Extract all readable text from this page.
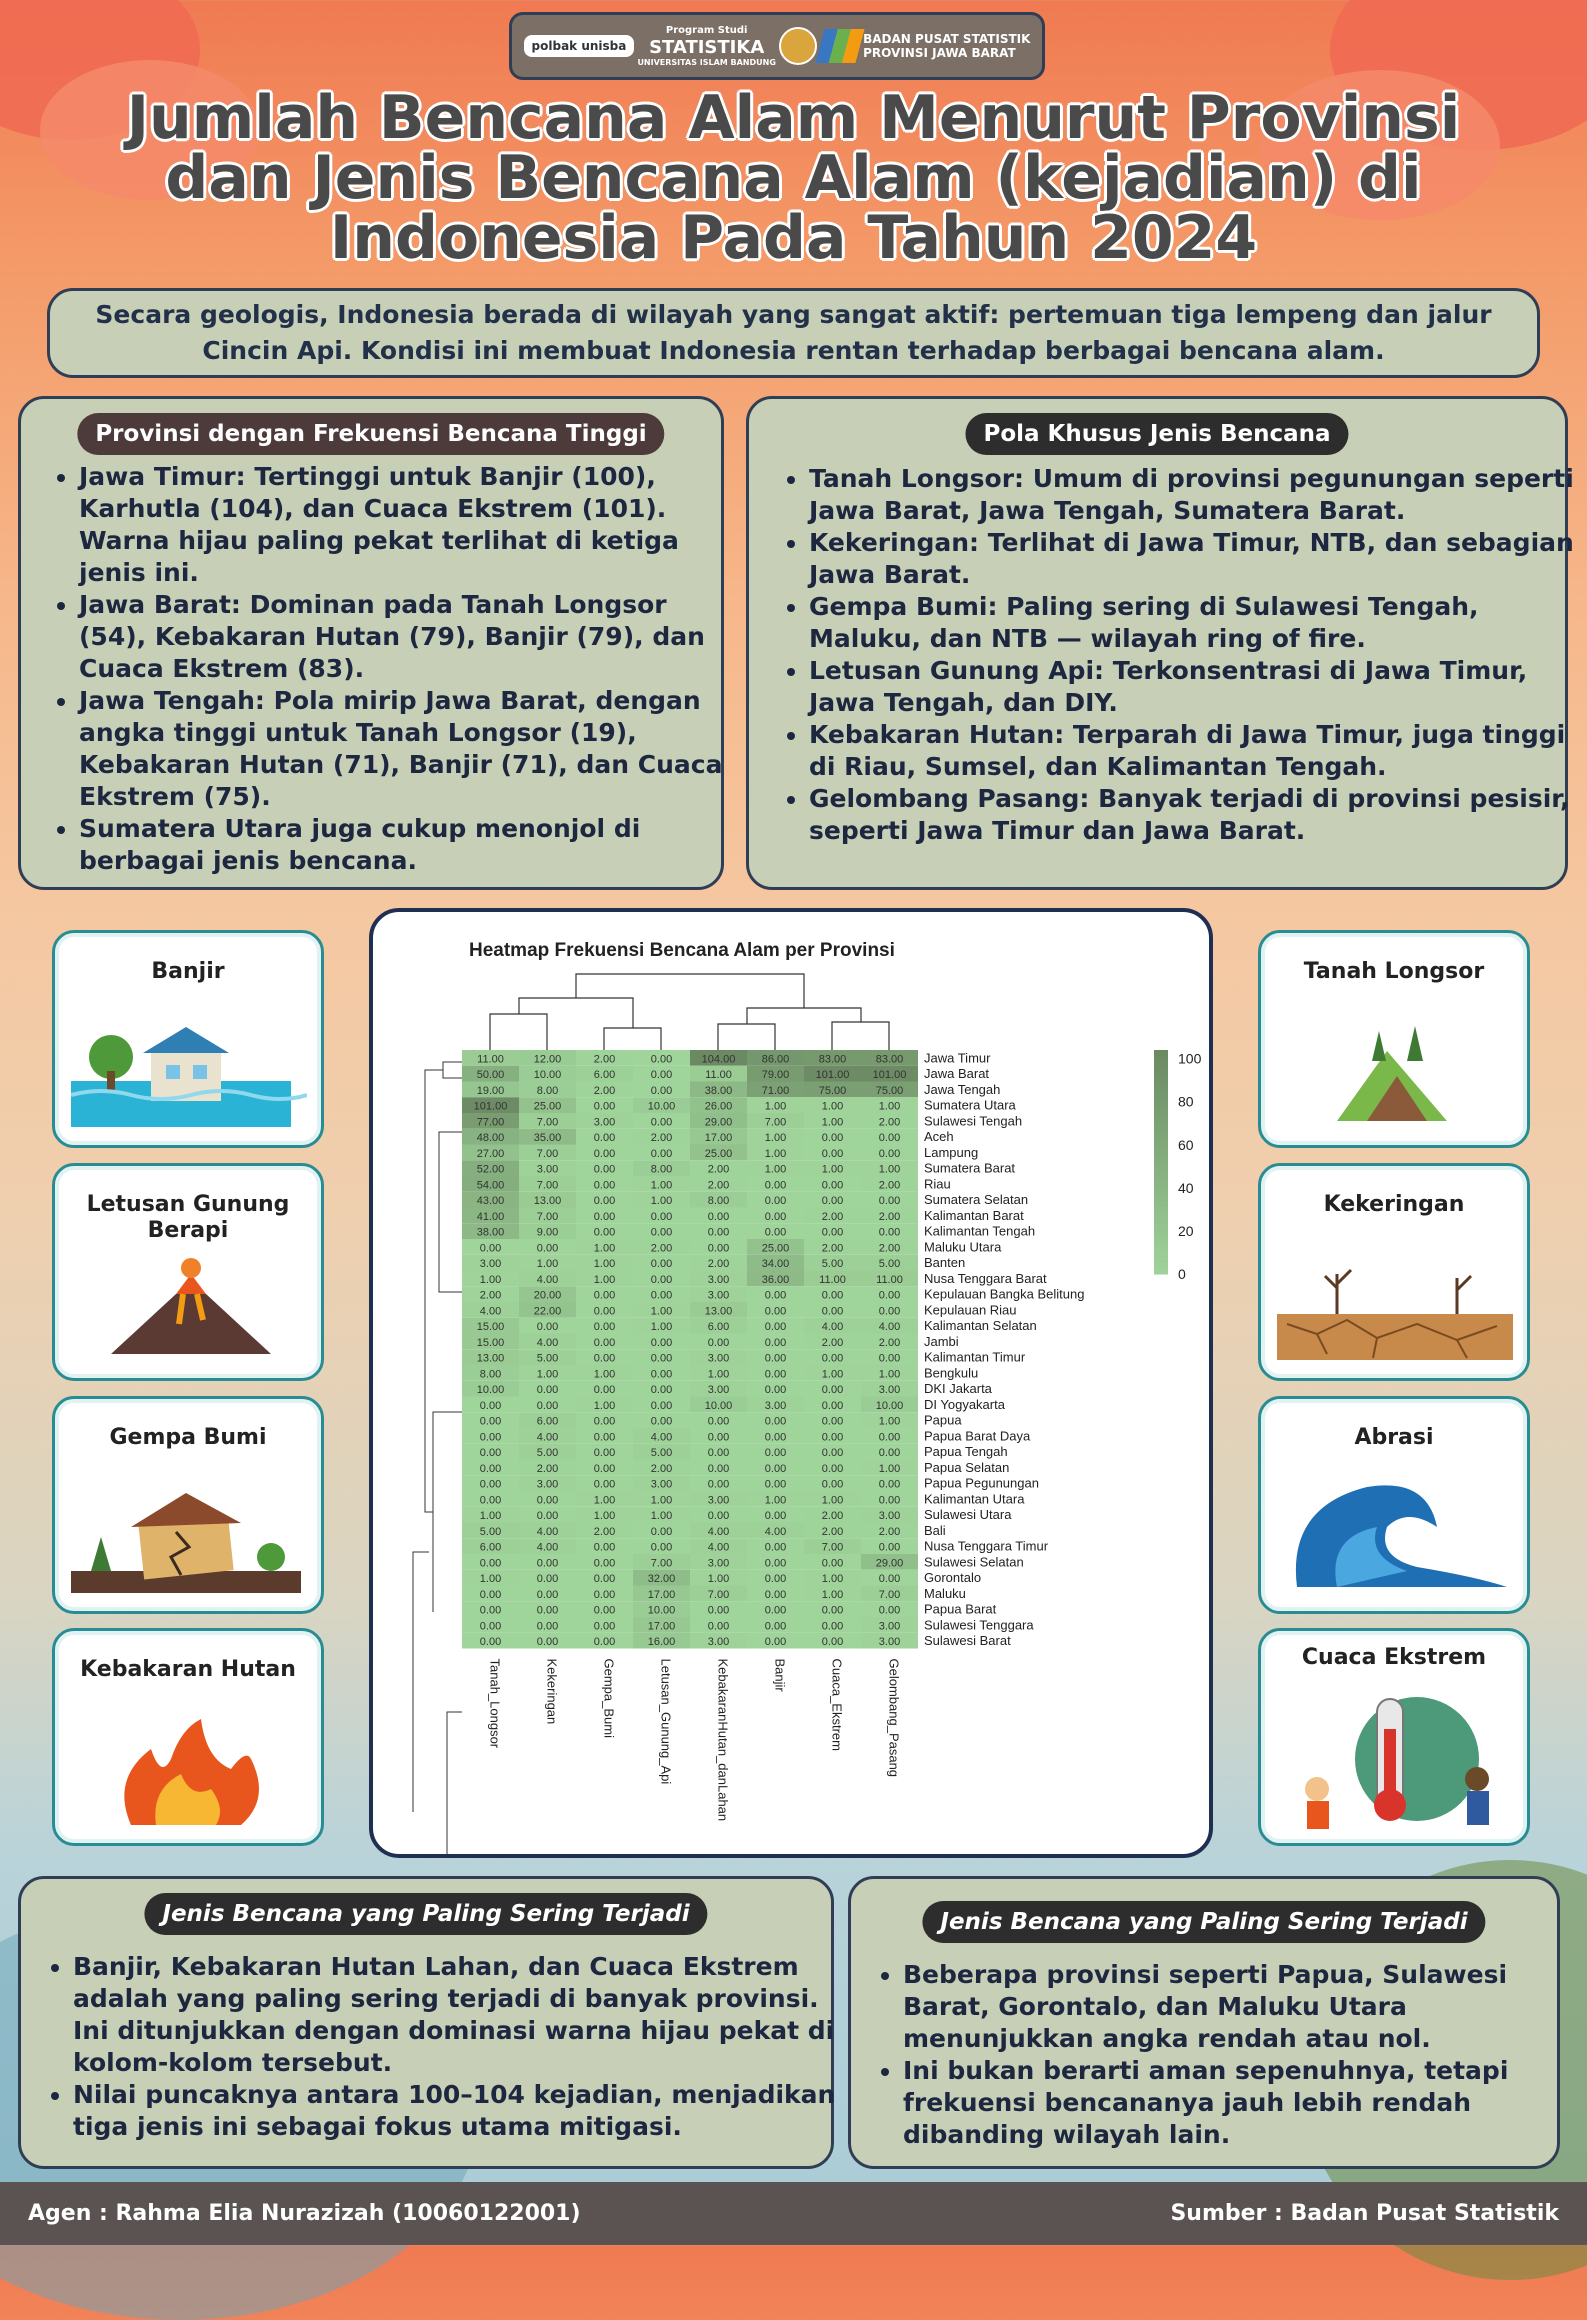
polbak unisba
Program Studi
STATISTIKA
UNIVERSITAS ISLAM BANDUNG
BADAN PUSAT STATISTIK
PROVINSI JAWA BARAT
Jumlah Bencana Alam Menurut Provinsi dan Jenis Bencana Alam (kejadian) di Indonesia Pada Tahun 2024
Secara geologis, Indonesia berada di wilayah yang sangat aktif: pertemuan tiga lempeng dan jalur Cincin Api. Kondisi ini membuat Indonesia rentan terhadap berbagai bencana alam.
Provinsi dengan Frekuensi Bencana Tinggi
• Jawa Timur: Tertinggi untuk Banjir (100), Karhutla (104), dan Cuaca Ekstrem (101). Warna hijau paling pekat terlihat di ketiga jenis ini.
• Jawa Barat: Dominan pada Tanah Longsor (54), Kebakaran Hutan (79), Banjir (79), dan Cuaca Ekstrem (83).
• Jawa Tengah: Pola mirip Jawa Barat, dengan angka tinggi untuk Tanah Longsor (19), Kebakaran Hutan (71), Banjir (71), dan Cuaca Ekstrem (75).
• Sumatera Utara juga cukup menonjol di berbagai jenis bencana.
Pola Khusus Jenis Bencana
• Tanah Longsor: Umum di provinsi pegunungan seperti Jawa Barat, Jawa Tengah, Sumatera Barat.
• Kekeringan: Terlihat di Jawa Timur, NTB, dan sebagian Jawa Barat.
• Gempa Bumi: Paling sering di Sulawesi Tengah, Maluku, dan NTB — wilayah ring of fire.
• Letusan Gunung Api: Terkonsentrasi di Jawa Timur, Jawa Tengah, dan DIY.
• Kebakaran Hutan: Terparah di Jawa Timur, juga tinggi di Riau, Sumsel, dan Kalimantan Tengah.
• Gelombang Pasang: Banyak terjadi di provinsi pesisir, seperti Jawa Timur dan Jawa Barat.
Banjir
Letusan Gunung Berapi
Gempa Bumi
Kebakaran Hutan
Tanah Longsor
Kekeringan
Abrasi
Cuaca Ekstrem
Heatmap Frekuensi Bencana Alam per Provinsi
11.00	12.00	2.00	0.00	104.00 86.00	83.00	83.00 Jawa Timur
50.00	10.00	6.00	0.00	11.00	79.00 101.00 101.00 Jawa Barat
19.00	8.00	2.00	0.00	38.00	71.00	75.00	75.00 Jawa Tengah
101.00 25.00	0.00	10.00	26.00	1.00	1.00	1.00 Sumatera Utara
77.00	7.00	3.00	0.00	29.00	7.00	1.00	2.00 Sulawesi Tengah
48.00	35.00	0.00	2.00	17.00	1.00	0.00	0.00 Aceh
27.00	7.00	0.00	0.00	25.00	1.00	0.00	0.00 Lampung
52.00	3.00	0.00	8.00	2.00	1.00	1.00	1.00 Sumatera Barat
54.00	7.00	0.00	1.00	2.00	0.00	0.00	2.00 Riau
43.00	13.00	0.00	1.00	8.00	0.00	0.00	0.00 Sumatera Selatan
41.00	7.00	0.00	0.00	0.00	0.00	2.00	2.00 Kalimantan Barat
38.00	9.00	0.00	0.00	0.00	0.00	0.00	0.00 Kalimantan Tengah
0.00	0.00	1.00	2.00	0.00	25.00	2.00	2.00 Maluku Utara
3.00	1.00	1.00	0.00	2.00	34.00	5.00	5.00 Banten
1.00	4.00	1.00	0.00	3.00	36.00	11.00	11.00 Nusa Tenggara Barat
2.00	20.00	0.00	0.00	3.00	0.00	0.00	0.00 Kepulauan Bangka Belitung
4.00	22.00	0.00	1.00	13.00	0.00	0.00	0.00 Kepulauan Riau
15.00	0.00	0.00	1.00	6.00	0.00	4.00	4.00 Kalimantan Selatan
15.00	4.00	0.00	0.00	0.00	0.00	2.00	2.00 Jambi
13.00	5.00	0.00	0.00	3.00	0.00	0.00	0.00 Kalimantan Timur
8.00	1.00	1.00	0.00	1.00	0.00	1.00	1.00 Bengkulu
10.00	0.00	0.00	0.00	3.00	0.00	0.00	3.00 DKI Jakarta
0.00	0.00	1.00	0.00	10.00	3.00	0.00	10.00 DI Yogyakarta
0.00	6.00	0.00	0.00	0.00	0.00	0.00	1.00 Papua
0.00	4.00	0.00	4.00	0.00	0.00	0.00	0.00 Papua Barat Daya
0.00	5.00	0.00	5.00	0.00	0.00	0.00	0.00 Papua Tengah
0.00	2.00	0.00	2.00	0.00	0.00	0.00	1.00 Papua Selatan
0.00	3.00	0.00	3.00	0.00	0.00	0.00	0.00 Papua Pegunungan
0.00	0.00	1.00	1.00	3.00	1.00	1.00	0.00 Kalimantan Utara
1.00	0.00	1.00	1.00	0.00	0.00	2.00	3.00 Sulawesi Utara
5.00	4.00	2.00	0.00	4.00	4.00	2.00	2.00 Bali
6.00	4.00	0.00	0.00	4.00	0.00	7.00	0.00 Nusa Tenggara Timur
0.00	0.00	0.00	7.00	3.00	0.00	0.00	29.00 Sulawesi Selatan
1.00	0.00	0.00	32.00	1.00	0.00	1.00	0.00 Gorontalo
0.00	0.00	0.00	17.00	7.00	0.00	1.00	7.00 Maluku
0.00	0.00	0.00	10.00	0.00	0.00	0.00	0.00 Papua Barat
0.00	0.00	0.00	17.00	0.00	0.00	0.00	3.00 Sulawesi Tenggara
0.00	0.00	0.00	16.00	3.00	0.00	0.00	3.00 Sulawesi Barat
Tanah_Longsor	Kekeringan	Gempa_Bumi	Letusan_Gunung_Api	KebakaranHutan_danLahan	Banjir	Cuaca_Ekstrem	Gelombang_Pasang
100
80
60
40
20
0
Jenis Bencana yang Paling Sering Terjadi
• Banjir, Kebakaran Hutan Lahan, dan Cuaca Ekstrem adalah yang paling sering terjadi di banyak provinsi. Ini ditunjukkan dengan dominasi warna hijau pekat di kolom-kolom tersebut.
• Nilai puncaknya antara 100–104 kejadian, menjadikan tiga jenis ini sebagai fokus utama mitigasi.
Jenis Bencana yang Paling Sering Terjadi
• Beberapa provinsi seperti Papua, Sulawesi Barat, Gorontalo, dan Maluku Utara menunjukkan angka rendah atau nol.
• Ini bukan berarti aman sepenuhnya, tetapi frekuensi bencananya jauh lebih rendah dibanding wilayah lain.
Agen : Rahma Elia Nurazizah (10060122001)	Sumber : Badan Pusat Statistik
